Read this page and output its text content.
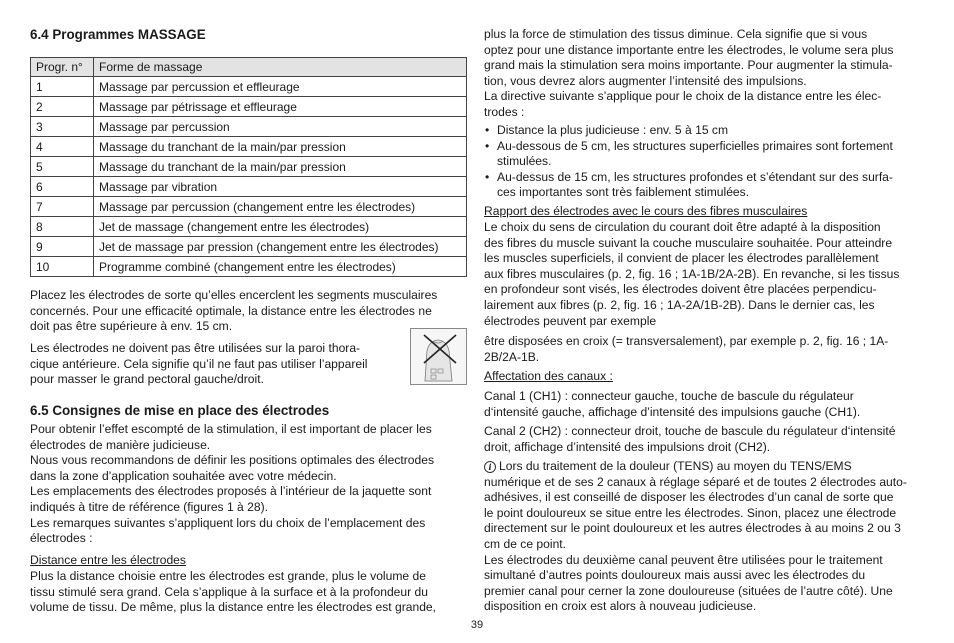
6.4 Programmes MASSAGE
Progr. n°	Forme de massage
1	Massage par percussion et effleurage
2	Massage par pétrissage et effleurage
3	Massage par percussion
4	Massage du tranchant de la main/par pression
5	Massage du tranchant de la main/par pression
6	Massage par vibration
7	Massage par percussion (changement entre les électrodes)
8	Jet de massage (changement entre les électrodes)
9	Jet de massage par pression (changement entre les électrodes)
10	Programme combiné (changement entre les électrodes)

Placez les électrodes de sorte qu’elles encerclent les segments musculaires

concernés. Pour une efficacité optimale, la distance entre les électrodes ne

doit pas être supérieure à env. 15 cm.

Les électrodes ne doivent pas être utilisées sur la paroi thora-

cique antérieure. Cela signifie qu’il ne faut pas utiliser l’appareil

pour masser le grand pectoral gauche/droit.

6.5 Consignes de mise en place des électrodes

Pour obtenir l’effet escompté de la stimulation, il est important de placer les

électrodes de manière judicieuse.

Nous vous recommandons de définir les positions optimales des électrodes

dans la zone d’application souhaitée avec votre médecin.

Les emplacements des électrodes proposés à l’intérieur de la jaquette sont

indiqués à titre de référence (figures 1 à 28).

Les remarques suivantes s’appliquent lors du choix de l’emplacement des

électrodes :

Distance entre les électrodes

Plus la distance choisie entre les électrodes est grande, plus le volume de

tissu stimulé sera grand. Cela s’applique à la surface et à la profondeur du

volume de tissu. De même, plus la distance entre les électrodes est grande,

plus la force de stimulation des tissus diminue. Cela signifie que si vous

optez pour une distance importante entre les électrodes, le volume sera plus

grand mais la stimulation sera moins importante. Pour augmenter la stimula-

tion, vous devrez alors augmenter l’intensité des impulsions.

La directive suivante s’applique pour le choix de la distance entre les élec-

trodes :

• Distance la plus judicieuse : env. 5 à 15 cm
• Au-dessous de 5 cm, les structures superficielles primaires sont fortement
stimulées.
• Au-dessus de 15 cm, les structures profondes et s’étendant sur des surfa-
ces importantes sont très faiblement stimulées.

Rapport des électrodes avec le cours des fibres musculaires

Le choix du sens de circulation du courant doit être adapté à la disposition

des fibres du muscle suivant la couche musculaire souhaitée. Pour atteindre

les muscles superficiels, il convient de placer les électrodes parallèlement

aux fibres musculaires (p. 2, fig. 16 ; 1A-1B/2A-2B). En revanche, si les tissus

en profondeur sont visés, les électrodes doivent être placées perpendicu-

lairement aux fibres (p. 2, fig. 16 ; 1A-2A/1B-2B). Dans le dernier cas, les

électrodes peuvent par exemple

être disposées en croix (= transversalement), par exemple p. 2, fig. 16 ; 1A-

2B/2A-1B.

Affectation des canaux :

Canal 1 (CH1) : connecteur gauche, touche de bascule du régulateur

d‘intensité gauche, affichage d’intensité des impulsions gauche (CH1).

Canal 2 (CH2) : connecteur droit, touche de bascule du régulateur d‘intensité

droit, affichage d’intensité des impulsions droit (CH2).

i Lors du traitement de la douleur (TENS) au moyen du TENS/EMS

numérique et de ses 2 canaux à réglage séparé et de toutes 2 électrodes auto-

adhésives, il est conseillé de disposer les électrodes d’un canal de sorte que

le point douloureux se situe entre les électrodes. Sinon, placez une électrode

directement sur le point douloureux et les autres électrodes à au moins 2 ou 3

cm de ce point.

Les électrodes du deuxième canal peuvent être utilisées pour le traitement

simultané d’autres points douloureux mais aussi avec les électrodes du

premier canal pour cerner la zone douloureuse (situées de l’autre côté). Une

disposition en croix est alors à nouveau judicieuse.

39
